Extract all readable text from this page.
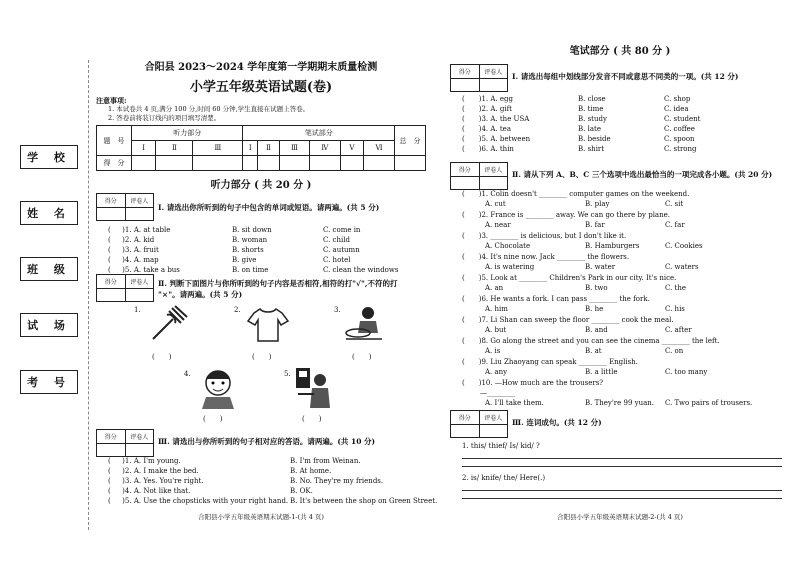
学 校
姓 名
班 级
试 场
考 号
合阳县 2023～2024 学年度第一学期期末质量检测
小学五年级英语试题(卷)
注意事项:
1. 本试卷共 4 页,满分 100 分,时间 60 分钟,学生直接在试题上答卷。
2. 答卷前将装订线内的项目填写清楚。
题　号	听力部分			笔试部分						总　分
	Ⅰ	Ⅱ	Ⅲ	Ⅰ	Ⅱ	Ⅲ	Ⅳ	Ⅴ	Ⅵ	
得　分										
听力部分 ( 共 20 分 )
得分	评卷人
Ⅰ. 请选出你所听到的句子中包含的单词或短语。请两遍。(共 5 分)
( 　 )1. A. at table	B. sit down	C. come in
( 　 )2. A. kid	B. woman	C. child
( 　 )3. A. fruit	B. shorts	C. autumn
( 　 )4. A. map	B. give	C. hotel
( 　 )5. A. take a bus	B. on time	C. clean the windows
得分	评卷人	Ⅱ. 判断下面图片与你所听到的句子内容是否相符,相符的打"√",不符的打
"×"。请两遍。(共 5 分)
1.
(　　)
2.
(　　)
3.
(　　)
4.
(　　)
5.
(　　)
得分	评卷人	Ⅲ. 请选出与你所听到的句子相对应的答语。请两遍。(共 10 分)
( 　 )1. A. I'm young.	B. I'm from Weinan.
( 　 )2. A. I make the bed.	B. At home.
( 　 )3. A. Yes. You're right.	B. No. They're my friends.
( 　 )4. A. Not like that.	B. OK.
( 　 )5. A. Use the chopsticks with your right hand. B. It's between the shop on Green Street.
合阳县小学五年级英语期末试题-1-(共 4 页)
笔试部分 ( 共 80 分 )
得分	评卷人	Ⅰ. 请选出每组中划线部分发音不同或意思不同类的一项。(共 12 分)
(　　)1. A. egg	B. close	C. shop
(　　)2. A. gift	B. time	C. idea
(　　)3. A. the USA	B. study	C. student
(　　)4. A. tea	B. late	C. coffee
(　　)5. A. between	B. beside	C. spoon
(　　)6. A. thin	B. shirt	C. strong
得分	评卷人	Ⅱ. 请从下列 A、B、C 三个选项中选出最恰当的一项完成各小题。(共 20 分)
(　　)1. Colin doesn't ________ computer games on the weekend.
A. cut	B. play	C. sit
(　　)2. France is ________ away. We can go there by plane.
A. near	B. far	C. far
(　　)3. ________ is delicious, but I don't like it.
A. Chocolate	B. Hamburgers	C. Cookies
(　　)4. It's nine now. Jack ________ the flowers.
A. is watering	B. water	C. waters
(　　)5. Look at ________ Children's Park in our city. It's nice.
A. an	B. two	C. the
(　　)6. He wants a fork. I can pass ________ the fork.
A. him	B. he	C. his
(　　)7. Li Shan can sweep the floor ________ cook the meal.
A. but	B. and	C. after
(　　)8. Go along the street and you can see the cinema ________ the left.
A. is	B. at	C. on
(　　)9. Liu Zhaoyang can speak ________ English.
A. any	B. a little	C. too many
(　　)10. —How much are the trousers?
—________
A. I'll take them.	B. They're 99 yuan. C. Two pairs of trousers.
得分	评卷人	Ⅲ. 连词成句。(共 12 分)
1. this/ thief/ Is/ kid/ ?
2. is/ knife/ the/ Here(.)
合阳县小学五年级英语期末试题-2-(共 4 页)
